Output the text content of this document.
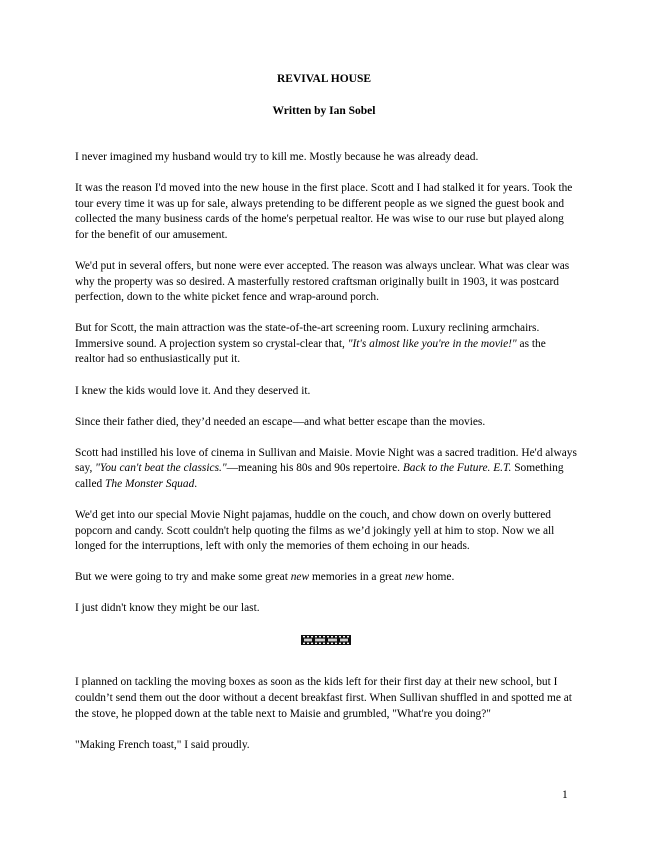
REVIVAL HOUSE
Written by Ian Sobel

I never imagined my husband would try to kill me. Mostly because he was already dead.

It was the reason I'd moved into the new house in the first place. Scott and I had stalked it for years. Took the tour every time it was up for sale, always pretending to be different people as we signed the guest book and collected the many business cards of the home's perpetual realtor. He was wise to our ruse but played along for the benefit of our amusement.

We'd put in several offers, but none were ever accepted. The reason was always unclear. What was clear was why the property was so desired. A masterfully restored craftsman originally built in 1903, it was postcard perfection, down to the white picket fence and wrap-around porch.

But for Scott, the main attraction was the state-of-the-art screening room. Luxury reclining armchairs. Immersive sound. A projection system so crystal-clear that, "It's almost like you're in the movie!" as the realtor had so enthusiastically put it.

I knew the kids would love it. And they deserved it.

Since their father died, they’d needed an escape—and what better escape than the movies.

Scott had instilled his love of cinema in Sullivan and Maisie. Movie Night was a sacred tradition. He'd always say, "You can't beat the classics."—meaning his 80s and 90s repertoire. Back to the Future. E.T. Something called The Monster Squad.

We'd get into our special Movie Night pajamas, huddle on the couch, and chow down on overly buttered popcorn and candy. Scott couldn't help quoting the films as we’d jokingly yell at him to stop. Now we all longed for the interruptions, left with only the memories of them echoing in our heads.

But we were going to try and make some great new memories in a great new home.

I just didn't know they might be our last.

I planned on tackling the moving boxes as soon as the kids left for their first day at their new school, but I couldn’t send them out the door without a decent breakfast first. When Sullivan shuffled in and spotted me at the stove, he plopped down at the table next to Maisie and grumbled, "What're you doing?"

"Making French toast," I said proudly.

1
